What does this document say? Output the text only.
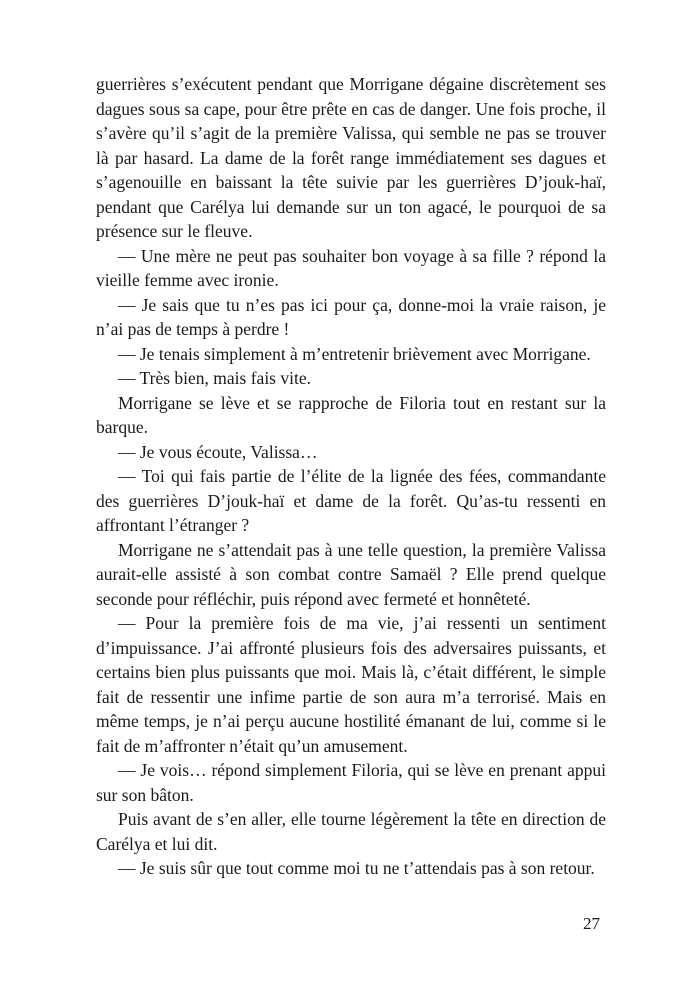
guerrières s’exécutent pendant que Morrigane dégaine discrètement ses dagues sous sa cape, pour être prête en cas de danger. Une fois proche, il s’avère qu’il s’agit de la première Valissa, qui semble ne pas se trouver là par hasard. La dame de la forêt range immédiatement ses dagues et s’agenouille en baissant la tête suivie par les guerrières D’jouk-haï, pendant que Carélya lui demande sur un ton agacé, le pourquoi de sa présence sur le fleuve.

— Une mère ne peut pas souhaiter bon voyage à sa fille ? répond la vieille femme avec ironie.

— Je sais que tu n’es pas ici pour ça, donne-moi la vraie raison, je n’ai pas de temps à perdre !

— Je tenais simplement à m’entretenir brièvement avec Morrigane.

— Très bien, mais fais vite.

Morrigane se lève et se rapproche de Filoria tout en restant sur la barque.

— Je vous écoute, Valissa…

— Toi qui fais partie de l’élite de la lignée des fées, commandante des guerrières D’jouk-haï et dame de la forêt. Qu’as-tu ressenti en affrontant l’étranger ?

Morrigane ne s’attendait pas à une telle question, la première Valissa aurait-elle assisté à son combat contre Samaël ? Elle prend quelque seconde pour réfléchir, puis répond avec fermeté et honnêteté.

— Pour la première fois de ma vie, j’ai ressenti un sentiment d’impuissance. J’ai affronté plusieurs fois des adversaires puissants, et certains bien plus puissants que moi. Mais là, c’était différent, le simple fait de ressentir une infime partie de son aura m’a terrorisé. Mais en même temps, je n’ai perçu aucune hostilité émanant de lui, comme si le fait de m’affronter n’était qu’un amusement.

— Je vois… répond simplement Filoria, qui se lève en prenant appui sur son bâton.

Puis avant de s’en aller, elle tourne légèrement la tête en direction de Carélya et lui dit.

— Je suis sûr que tout comme moi tu ne t’attendais pas à son retour.

27
